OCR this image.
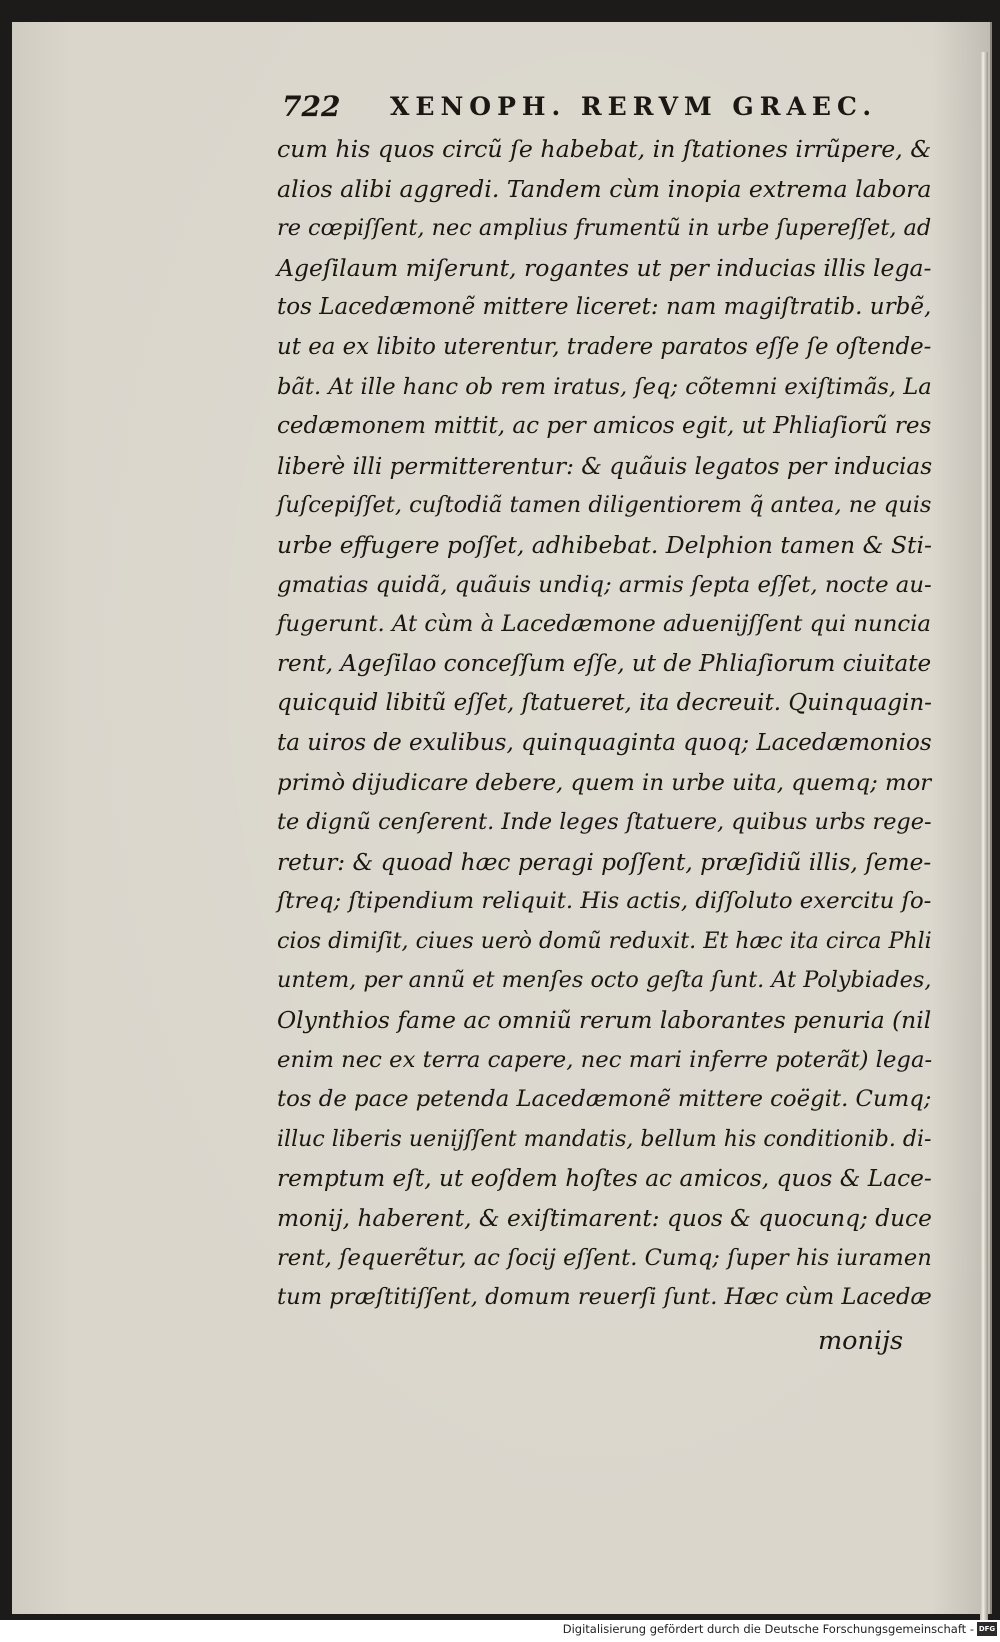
722 XENOPH. RERVM GRAEC.
cum his quos circũ ſe habebat, in ſtationes irrũpere, &
alios alibi aggredi. Tandem cùm inopia extrema labora
re cœpiſſent, nec amplius frumentũ in urbe ſupereſſet, ad
Ageſilaum miſerunt, rogantes ut per inducias illis lega-
tos Lacedæmonẽ mittere liceret: nam magiſtratib. urbẽ,
ut ea ex libito uterentur, tradere paratos eſſe ſe oſtende-
bãt. At ille hanc ob rem iratus, ſeq; cõtemni exiſtimãs, La
cedæmonem mittit, ac per amicos egit, ut Phliaſiorũ res
liberè illi permitterentur: & quãuis legatos per inducias
ſuſcepiſſet, cuſtodiã tamen diligentiorem q̃ antea, ne quis
urbe effugere poſſet, adhibebat. Delphion tamen & Sti-
gmatias quidã, quãuis undiq; armis ſepta eſſet, nocte au-
fugerunt. At cùm à Lacedæmone aduenijſſent qui nuncia
rent, Ageſilao conceſſum eſſe, ut de Phliaſiorum ciuitate
quicquid libitũ eſſet, ſtatueret, ita decreuit. Quinquagin-
ta uiros de exulibus, quinquaginta quoq; Lacedæmonios
primò dijudicare debere, quem in urbe uita, quemq; mor
te dignũ cenſerent. Inde leges ſtatuere, quibus urbs rege-
retur: & quoad hæc peragi poſſent, præſidiũ illis, ſeme-
ſtreq; ſtipendium reliquit. His actis, diſſoluto exercitu ſo-
cios dimiſit, ciues uerò domũ reduxit. Et hæc ita circa Phli
untem, per annũ et menſes octo geſta ſunt. At Polybiades,
Olynthios fame ac omniũ rerum laborantes penuria (nil
enim nec ex terra capere, nec mari inferre poterãt) lega-
tos de pace petenda Lacedæmonẽ mittere coëgit. Cumq;
illuc liberis uenijſſent mandatis, bellum his conditionib. di-
remptum eſt, ut eoſdem hoſtes ac amicos, quos & Lace-
monij, haberent, & exiſtimarent: quos & quocunq; duce
rent, ſequerẽtur, ac ſocij eſſent. Cumq; ſuper his iuramen
tum præſtitiſſent, domum reuerſi ſunt. Hæc cùm Lacedæ
monijs
Digitalisierung gefördert durch die Deutsche Forschungsgemeinschaft - DFG
